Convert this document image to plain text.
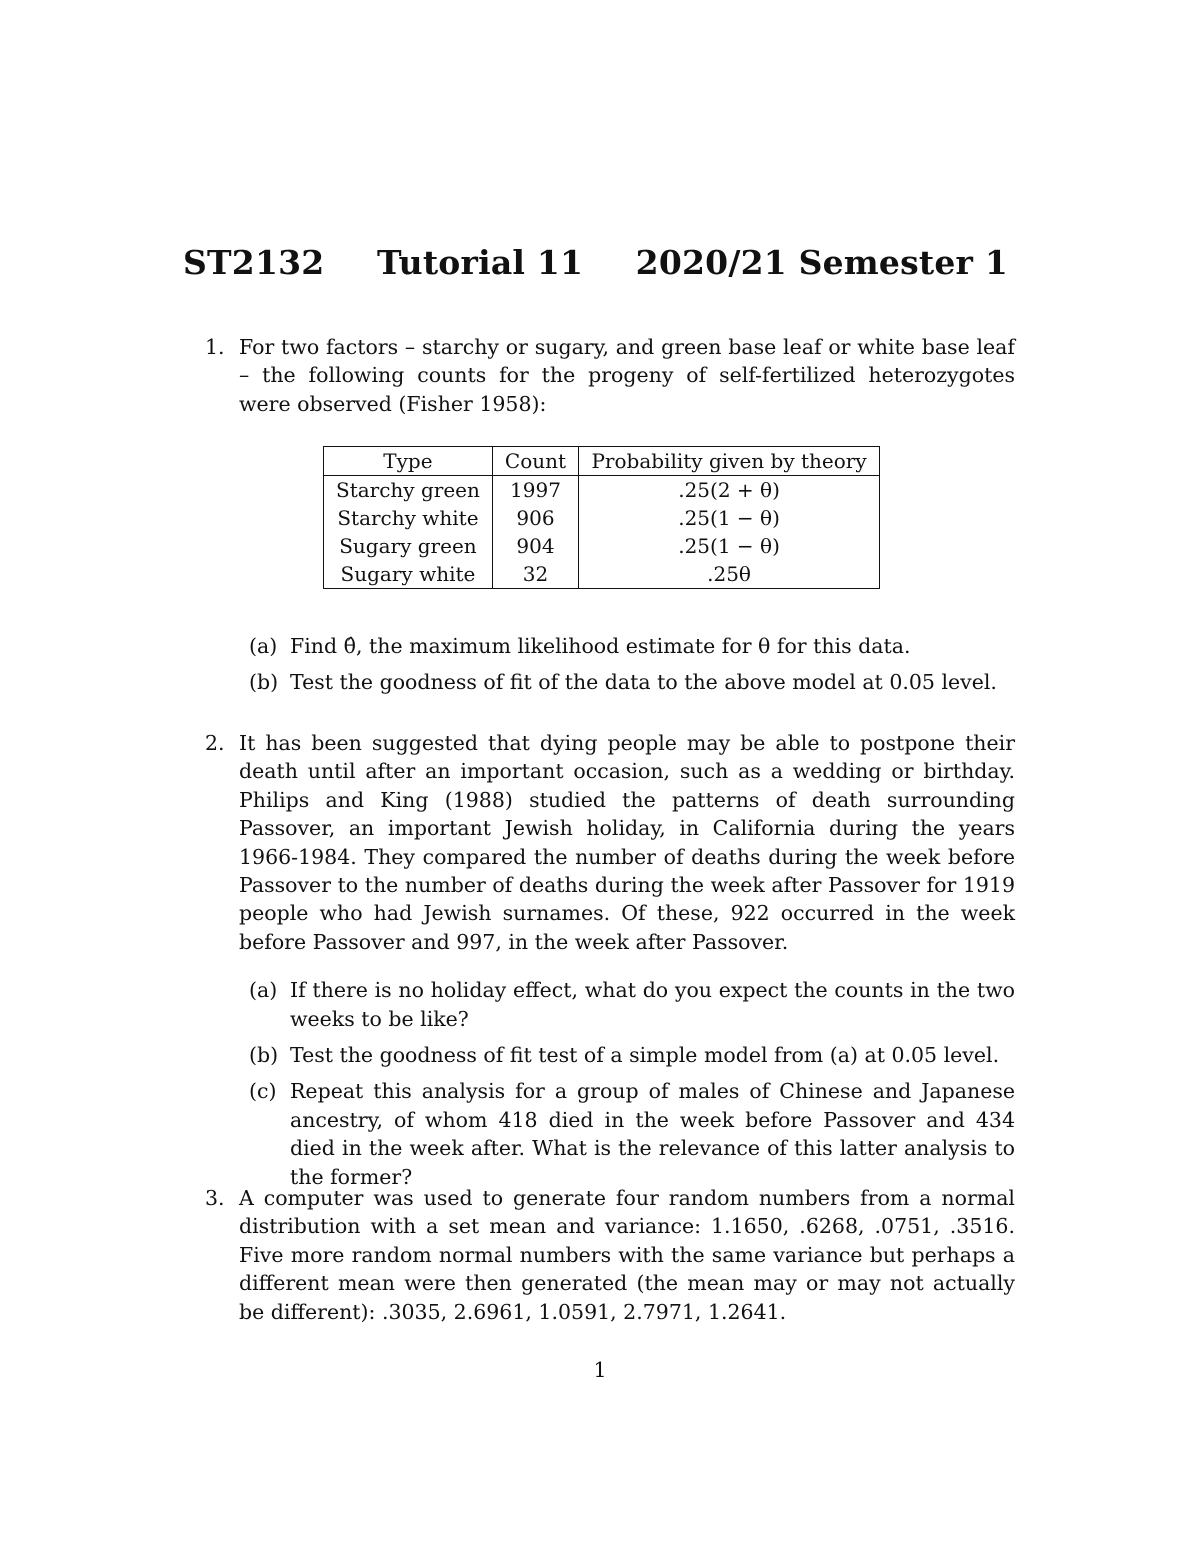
ST2132 Tutorial 11 2020/21 Semester 1
1. For two factors – starchy or sugary, and green base leaf or white base leaf – the following counts for the progeny of self-fertilized heterozygotes were observed (Fisher 1958):
Type	Count	Probability given by theory
Starchy green	1997	.25(2 + θ)
Starchy white	906	.25(1 − θ)
Sugary green	904	.25(1 − θ)
Sugary white	32	.25θ
(a) Find θ̂, the maximum likelihood estimate for θ for this data.
(b) Test the goodness of fit of the data to the above model at 0.05 level.
2. It has been suggested that dying people may be able to postpone their death until after an important occasion, such as a wedding or birthday. Philips and King (1988) studied the patterns of death surrounding Passover, an important Jewish holiday, in California during the years 1966-1984. They compared the number of deaths during the week before Passover to the number of deaths during the week after Passover for 1919 people who had Jewish surnames. Of these, 922 occurred in the week before Passover and 997, in the week after Passover.
(a) If there is no holiday effect, what do you expect the counts in the two weeks to be like?
(b) Test the goodness of fit test of a simple model from (a) at 0.05 level.
(c) Repeat this analysis for a group of males of Chinese and Japanese ancestry, of whom 418 died in the week before Passover and 434 died in the week after. What is the relevance of this latter analysis to the former?
3. A computer was used to generate four random numbers from a normal distribution with a set mean and variance: 1.1650, .6268, .0751, .3516. Five more random normal numbers with the same variance but perhaps a different mean were then generated (the mean may or may not actually be different): .3035, 2.6961, 1.0591, 2.7971, 1.2641.
1
